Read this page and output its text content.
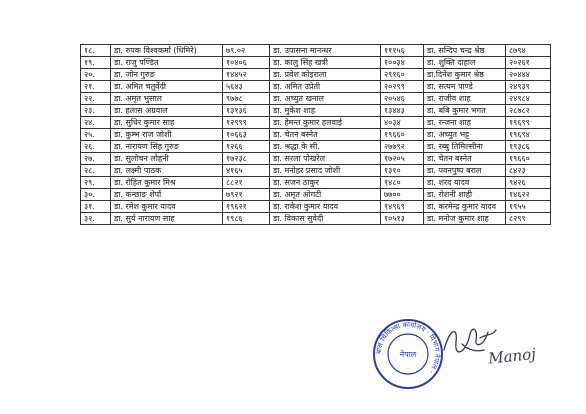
१८.	डा. रुपक विश्वकर्मा (धिमिरे)	७९.०२	डा. उपासना मानन्धर	१११५६	डा. सन्दिप चन्द्र श्रेष्ठ	८७९४
१९.	डा. राजु पण्डित	१०४०६	डा. कालु सिंह खत्री	१००३४	डा. शुक्ति दाहाल	२०२६१
२०.	डा. जोन गुरुङ	१४४५२	डा. प्रवेश कोइराला	२९१६०	डा.दिनेश कुमार श्रेष्ठ	२०४४४
२१.	डा. अमित चतुर्वेदी	५६४३	डा. अमित उप्रेती	२०२९९	डा. सत्यम पाण्डे	२४९३९
२२.	डा. अमृत भुसाल	९७७८	डा. अच्युत खनाल	२०५४६	डा. राजीव शाह	२४९८४
२३.	डा. हलास अग्रवाल	१३१३६	डा. मुकेश शाह	१३४४३	डा. बबि कुमार भगत	२८७८२
२४.	डा. सुधिर कुमार साह	१२९९९	डा. हेमन्त कुमार हलवाई	४०३४	डा. रन्जना शाह	१९६९९
२५.	डा. कुम्भ राज जोशी	१०६६३	डा. चेतन बस्नेत	१९६६०	डा. अच्युत भट्ट	१९६९४
२६.	डा. नारायण सिंह गुरुङ	१२६६	डा. श्रद्धा के सी.	२७७९२	डा. रब्बु तिमिल्सीना	१९३८६
२७.	डा. सुलोचन लोहनी	१७२३८	डा. सरला पोखरेल	१७२०५	डा. चेतन बस्नेत	१९६६०
२८.	डा. लक्ष्मी पाठक	४१६५	डा. मनोहर प्रसाद जोशी	१३१०	डा. पवनपुष्प बराल	८४२३
२९.	डा. रोहित कुमार मिश्र	८८२१	डा. सजन ठाकुर	१४८०	डा. शरद यादव	९४२६
३०.	डा. कन्छाङ शेर्पा	७९२१	डा. अमृत ओगटी	७७००	डा. रोशनी शाही	१४६२२
३१.	डा. रमेश कुमार यादव	१९६२१	डा. राकेश कुमार यादव	१४९६९	डा. करमेन्द्र कुमार यादव	१९५५
३२.	डा. सुर्य नारायण साह	१९८६	डा. विकास सुवेदी	१०५१३	डा. मनोज कुमार शाह	८२९९
बाल चिकित्सा कार्यालय · विभाग नेपाल ·
नेपाल	Manoj
